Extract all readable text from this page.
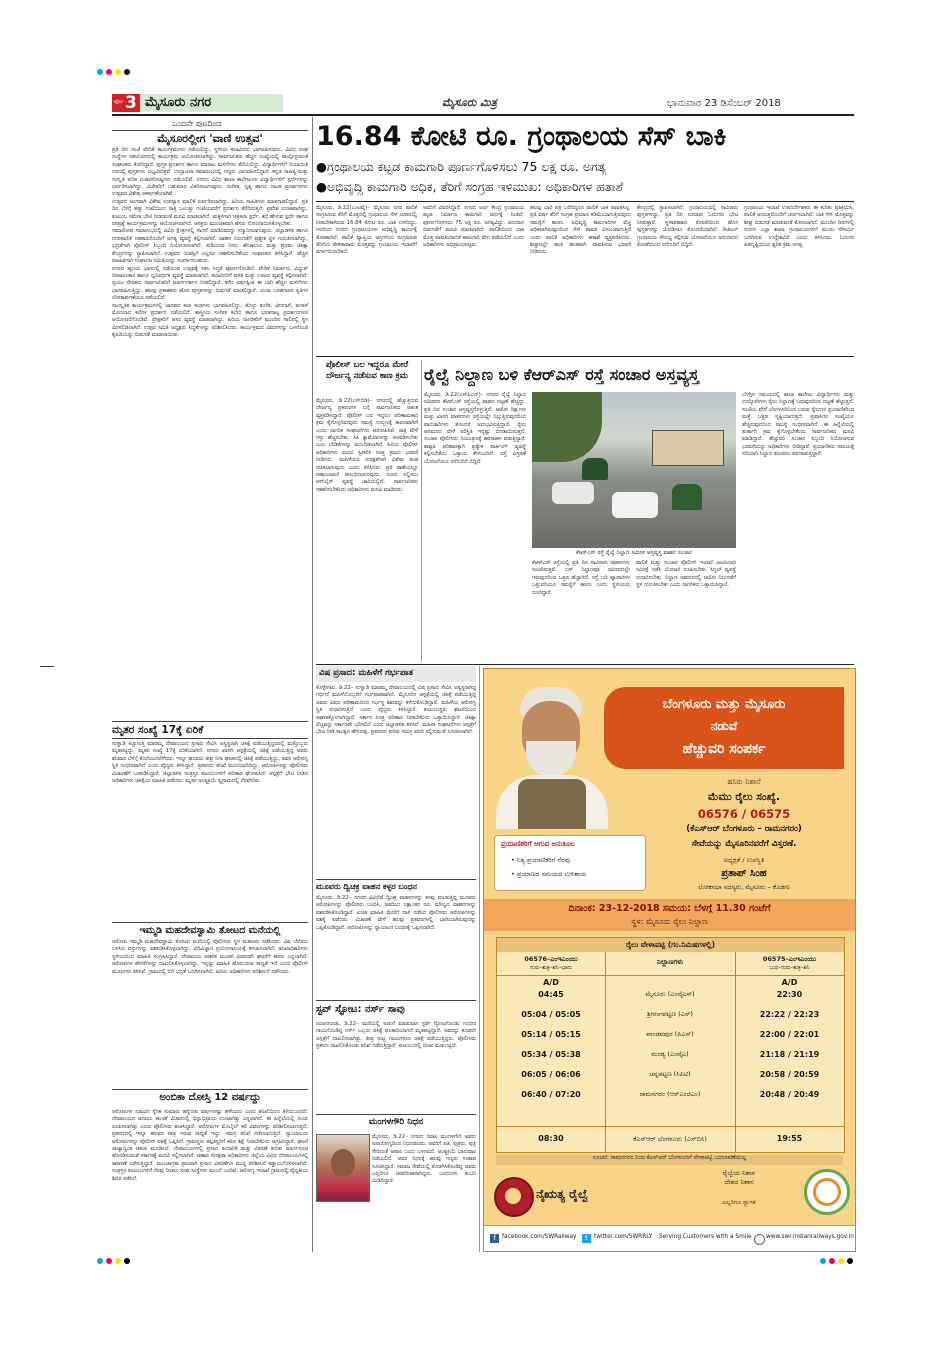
ಪುಟ 3 ಮೈಸೂರು ನಗರ	ಮೈಸೂರು ಮಿತ್ರ	ಭಾನುವಾರ 23 ಡಿಸೆಂಬರ್ 2018
ಒಂದನೇ ಪುಟದಿಂದ
ಮೈಸೂರಲ್ಲೀಗ 'ವಾಣಿ ಉತ್ಸವ'
ಪ್ರತಿ ದಿನ ಸಂಜೆ ವೇದಿಕೆ ಕಾರ್ಯಕ್ರಮಗಳು ನಡೆಯಲಿದ್ದು, ಸ್ಥಳೀಯ ಕಲಾವಿದರು ಭಾಗವಹಿಸುವರು. ವಿವಿಧ ಸಂಘ ಸಂಸ್ಥೆಗಳ ಸಹಯೋಗದಲ್ಲಿ ಕಾರ್ಯಕ್ರಮ ಆಯೋಜಿಸಲಾಗಿದ್ದು, ಸಾರ್ವಜನಿಕರು ಹೆಚ್ಚಿನ ಸಂಖ್ಯೆಯಲ್ಲಿ ಪಾಲ್ಗೊಳ್ಳುವಂತೆ ಸಂಘಟಕರು ಕೋರಿದ್ದಾರೆ. ಪುಸ್ತಕ ಪ್ರದರ್ಶನ ಹಾಗೂ ಮಾರಾಟ ಮಳಿಗೆಗಳು ತೆರೆಯಲಿದ್ದು, ವಿದ್ಯಾರ್ಥಿಗಳಿಗೆ ರಿಯಾಯಿತಿ ದರದಲ್ಲಿ ಪುಸ್ತಕಗಳು ಲಭ್ಯವಿರುತ್ತವೆ. ಉದ್ಘಾಟನಾ ಸಮಾರಂಭದಲ್ಲಿ ಗಣ್ಯರು ಭಾಗವಹಿಸಲಿದ್ದಾರೆ. ಕನ್ನಡ ಸಾಹಿತ್ಯ ಮತ್ತು ಸಂಸ್ಕೃತಿ ಕುರಿತ ವಿಚಾರಗೋಷ್ಠಿಗಳು ನಡೆಯಲಿವೆ. ನಗರದ ವಿವಿಧ ಶಾಲಾ ಕಾಲೇಜುಗಳ ವಿದ್ಯಾರ್ಥಿಗಳಿಗೆ ಸ್ಪರ್ಧೆಗಳನ್ನು ಏರ್ಪಡಿಸಲಾಗಿದ್ದು, ವಿಜೇತರಿಗೆ ಬಹುಮಾನ ವಿತರಿಸಲಾಗುವುದು. ಸಂಗೀತ, ನೃತ್ಯ ಹಾಗೂ ನಾಟಕ ಪ್ರದರ್ಶನಗಳು ಉತ್ಸವದ ವಿಶೇಷ ಆಕರ್ಷಣೆಯಾಗಿವೆ.
ಉತ್ಸವದ ಅಂಗವಾಗಿ ವಿಶೇಷ ಉಪನ್ಯಾಸ ಮಾಲಿಕೆ ಏರ್ಪಡಿಸಲಾಗಿದ್ದು, ಹಿರಿಯ ಸಾಹಿತಿಗಳು ಮಾತನಾಡಲಿದ್ದಾರೆ. ಪ್ರತಿ ದಿನ ಬೆಳಿಗ್ಗೆ ಹತ್ತು ಗಂಟೆಯಿಂದ ರಾತ್ರಿ ಒಂಬತ್ತು ಗಂಟೆಯವರೆಗೆ ಪ್ರದರ್ಶನ ತೆರೆದಿರುತ್ತದೆ. ಪ್ರವೇಶ ಉಚಿತವಾಗಿದ್ದು, ಕುಟುಂಬ ಸಮೇತ ಭೇಟಿ ನೀಡುವಂತೆ ಮನವಿ ಮಾಡಲಾಗಿದೆ. ಮಕ್ಕಳಿಗಾಗಿ ಚಿತ್ರಕಲಾ ಸ್ಪರ್ಧೆ, ಕಥೆ ಹೇಳುವ ಸ್ಪರ್ಧೆ ಹಾಗೂ ರಸಪ್ರಶ್ನೆ ಕಾರ್ಯಕ್ರಮಗಳನ್ನು ಆಯೋಜಿಸಲಾಗಿದೆ. ಆಸಕ್ತರು ಮುಂಚಿತವಾಗಿ ಹೆಸರು ನೋಂದಾಯಿಸಿಕೊಳ್ಳಬೇಕು.
ಸಮಾರೋಪ ಸಮಾರಂಭದಲ್ಲಿ ವಿವಿಧ ಕ್ಷೇತ್ರಗಳಲ್ಲಿ ಸಾಧನೆ ಮಾಡಿದವರನ್ನು ಸನ್ಮಾನಿಸಲಾಗುವುದು. ಜಿಲ್ಲಾಡಳಿತ ಹಾಗೂ ನಗರಪಾಲಿಕೆ ಸಹಕಾರದೊಂದಿಗೆ ಅಗತ್ಯ ವ್ಯವಸ್ಥೆ ಕಲ್ಪಿಸಲಾಗಿದೆ. ವಾಹನ ನಿಲುಗಡೆಗೆ ಪ್ರತ್ಯೇಕ ಸ್ಥಳ ಗುರುತಿಸಲಾಗಿದ್ದು, ಭದ್ರತೆಗಾಗಿ ಪೊಲೀಸ್ ಸಿಬ್ಬಂದಿ ನಿಯೋಜಿಸಲಾಗಿದೆ. ಕುಡಿಯುವ ನೀರು, ಶೌಚಾಲಯ ಮತ್ತು ಪ್ರಥಮ ಚಿಕಿತ್ಸಾ ಕೇಂದ್ರಗಳನ್ನು ಸ್ಥಾಪಿಸಲಾಗಿದೆ. ಉತ್ಸವದ ಯಶಸ್ಸಿಗೆ ಎಲ್ಲರೂ ಸಹಕರಿಸಬೇಕೆಂದು ಸಂಘಟಕರು ತಿಳಿಸಿದ್ದಾರೆ. ಹೆಚ್ಚಿನ ಮಾಹಿತಿಗಾಗಿ ಸಂಘಟನಾ ಸಮಿತಿಯನ್ನು ಸಂಪರ್ಕಿಸಬಹುದು.
ನಗರದ ಹೃದಯ ಭಾಗದಲ್ಲಿ ನಡೆಯುವ ಉತ್ಸವಕ್ಕೆ ಸಕಲ ಸಿದ್ಧತೆ ಪೂರ್ಣಗೊಂಡಿದೆ. ವೇದಿಕೆ ನಿರ್ಮಾಣ, ವಿದ್ಯುತ್ ದೀಪಾಲಂಕಾರ ಹಾಗೂ ಧ್ವನಿವರ್ಧಕ ವ್ಯವಸ್ಥೆ ಮಾಡಲಾಗಿದೆ. ಕಲಾವಿದರಿಗೆ ವಸತಿ ಮತ್ತು ಊಟದ ವ್ಯವಸ್ಥೆ ಕಲ್ಪಿಸಲಾಗಿದೆ. ಸ್ವಯಂ ಸೇವಕರು ಸಾರ್ವಜನಿಕರಿಗೆ ಮಾರ್ಗದರ್ಶನ ನೀಡಲಿದ್ದಾರೆ. ಕಳೆದ ವರ್ಷಕ್ಕಿಂತ ಈ ಬಾರಿ ಹೆಚ್ಚಿನ ಮಳಿಗೆಗಳು ಭಾಗವಹಿಸುತ್ತಿದ್ದು, ಹಲವು ಪ್ರಕಾಶಕರು ಹೊಸ ಪುಸ್ತಕಗಳನ್ನು ಬಿಡುಗಡೆ ಮಾಡಲಿದ್ದಾರೆ. ಯುವ ಬರಹಗಾರರ ಕೃತಿಗಳ ಲೋಕಾರ್ಪಣೆಯೂ ನಡೆಯಲಿದೆ.
ಸಾಂಸ್ಕೃತಿಕ ಕಾರ್ಯಕ್ರಮಗಳಲ್ಲಿ ಜಾನಪದ ಕಲಾ ತಂಡಗಳು ಭಾಗವಹಿಸಲಿದ್ದು, ಡೊಳ್ಳು ಕುಣಿತ, ವೀರಗಾಸೆ, ಕಂಸಾಳೆ ಮೊದಲಾದ ಕಲೆಗಳ ಪ್ರದರ್ಶನ ನಡೆಯಲಿದೆ. ಶಾಸ್ತ್ರೀಯ ಸಂಗೀತ ಕಛೇರಿ ಹಾಗೂ ಭರತನಾಟ್ಯ ಪ್ರದರ್ಶನಗಳೂ ಆಯೋಜನೆಗೊಂಡಿವೆ. ಪ್ರೇಕ್ಷಕರಿಗೆ ಆಸನ ವ್ಯವಸ್ಥೆ ಮಾಡಲಾಗಿದ್ದು, ಹಿರಿಯ ನಾಗರಿಕರಿಗೆ ಮುಂದಿನ ಸಾಲಿನಲ್ಲಿ ಸ್ಥಳ ಮೀಸಲಿಡಲಾಗಿದೆ. ಉತ್ಸವ ಸಮಿತಿ ಅಧ್ಯಕ್ಷರು ಸಿದ್ಧತೆಗಳನ್ನು ಪರಿಶೀಲಿಸಿದರು. ಕಾರ್ಯಕ್ರಮದ ವಿವರಗಳನ್ನು ಒಳಗೊಂಡ ಕೈಪಿಡಿಯನ್ನು ಬಿಡುಗಡೆ ಮಾಡಲಾಯಿತು.
ಮೃತರ ಸಂಖ್ಯೆ 17ಕ್ಕೆ ಏರಿಕೆ
ಸುಳ್ವಾಡಿ ಕಿಚ್ಚುಗುತ್ತಿ ಮಾರಮ್ಮ ದೇವಾಲಯದ ಪ್ರಸಾದ ಸೇವಿಸಿ ಅಸ್ವಸ್ಥರಾಗಿ ಚಿಕಿತ್ಸೆ ಪಡೆಯುತ್ತಿದ್ದವರಲ್ಲಿ ಮತ್ತೊಬ್ಬರು ಮೃತಪಟ್ಟಿದ್ದು, ಮೃತರ ಸಂಖ್ಯೆ 17ಕ್ಕೆ ಏರಿಕೆಯಾಗಿದೆ. ನಗರದ ಖಾಸಗಿ ಆಸ್ಪತ್ರೆಯಲ್ಲಿ ಚಿಕಿತ್ಸೆ ಪಡೆಯುತ್ತಿದ್ದ ಅವರು ಶನಿವಾರ ಬೆಳಿಗ್ಗೆ ಕೊನೆಯುಸಿರೆಳೆದರು. ಇನ್ನೂ ಹಲವರು ತೀವ್ರ ನಿಗಾ ಘಟಕದಲ್ಲಿ ಚಿಕಿತ್ಸೆ ಪಡೆಯುತ್ತಿದ್ದು, ಅವರ ಆರೋಗ್ಯ ಸ್ಥಿತಿ ಗಂಭೀರವಾಗಿದೆ ಎಂದು ವೈದ್ಯರು ತಿಳಿಸಿದ್ದಾರೆ. ಪ್ರಕರಣದ ತನಿಖೆ ಮುಂದುವರಿದಿದ್ದು, ಆರೋಪಿಗಳನ್ನು ಪೊಲೀಸರು ವಿಚಾರಣೆಗೆ ಒಳಪಡಿಸಿದ್ದಾರೆ. ಜಿಲ್ಲಾಡಳಿತ ಸಂತ್ರಸ್ತರ ಕುಟುಂಬಗಳಿಗೆ ಪರಿಹಾರ ಘೋಷಿಸಿದೆ. ಆಸ್ಪತ್ರೆಗೆ ಭೇಟಿ ನೀಡಿದ ಅಧಿಕಾರಿಗಳು ಚಿಕಿತ್ಸೆಯ ಮಾಹಿತಿ ಪಡೆದರು. ಮೃತರ ಅಂತ್ಯಕ್ರಿಯೆ ಸ್ವಗ್ರಾಮದಲ್ಲಿ ನೆರವೇರಿತು.
ಇಮ್ಮಡಿ ಮಹದೇವಸ್ವಾಮಿ ತೋಟದ ಮನೆಯಲ್ಲಿ
ಆರೋಪಿ ಇಮ್ಮಡಿ ಮಹದೇವಸ್ವಾಮಿ ತೋಟದ ಮನೆಯಲ್ಲಿ ಪೊಲೀಸರು ಸ್ಥಳ ಮಹಜರು ನಡೆಸಿದರು. ವಿಷ ಬೆರೆಸಲು ಬಳಸಿದ ವಸ್ತುಗಳನ್ನು ವಶಪಡಿಸಿಕೊಳ್ಳಲಾಗಿದ್ದು, ವಿಧಿವಿಜ್ಞಾನ ಪ್ರಯೋಗಾಲಯಕ್ಕೆ ಕಳುಹಿಸಲಾಗಿದೆ. ತನಿಖಾಧಿಕಾರಿಗಳು ಸ್ಥಳೀಯರಿಂದ ಮಾಹಿತಿ ಸಂಗ್ರಹಿಸಿದ್ದಾರೆ. ದೇವಾಲಯ ಆಡಳಿತ ಮಂಡಳಿ ವಿವಾದವೇ ಘಟನೆಗೆ ಕಾರಣ ಎನ್ನಲಾಗಿದೆ. ಆರೋಪಿಗಳ ಹೇಳಿಕೆಗಳನ್ನು ದಾಖಲಿಸಿಕೊಳ್ಳಲಾಗಿದ್ದು, ಇನ್ನಷ್ಟು ಮಾಹಿತಿ ಹೊರಬರುವ ಸಾಧ್ಯತೆ ಇದೆ ಎಂದು ಪೊಲೀಸ್ ಮೂಲಗಳು ತಿಳಿಸಿವೆ. ಗ್ರಾಮದಲ್ಲಿ ಬಿಗಿ ಭದ್ರತೆ ಒದಗಿಸಲಾಗಿದೆ. ಹಿರಿಯ ಅಧಿಕಾರಿಗಳು ಪರಿಶೀಲನೆ ನಡೆಸಿದರು.
ಅಂಬಿಕಾ ದೋಸ್ತಿ 12 ವರ್ಷದ್ದು
ಆರೋಪಿಗಳ ನಡುವಿನ ಸ್ನೇಹ ಸುಮಾರು ಹನ್ನೆರಡು ವರ್ಷಗಳಷ್ಟು ಹಳೆಯದು ಎಂದು ತನಿಖೆಯಿಂದ ತಿಳಿದುಬಂದಿದೆ. ದೇವಾಲಯದ ಆದಾಯ ಹಂಚಿಕೆ ವಿಚಾರದಲ್ಲಿ ಭಿನ್ನಾಭಿಪ್ರಾಯ ಉಂಟಾಗಿತ್ತು ಎನ್ನಲಾಗಿದೆ. ಈ ಹಿನ್ನೆಲೆಯಲ್ಲಿ ಸಂಚು ರೂಪಿಸಲಾಗಿತ್ತು ಎಂದು ಪೊಲೀಸರು ಶಂಕಿಸಿದ್ದಾರೆ. ಆರೋಪಿಗಳ ಮೊಬೈಲ್ ಕರೆ ವಿವರಗಳನ್ನು ಪರಿಶೀಲಿಸಲಾಗುತ್ತಿದೆ. ಪ್ರಕರಣದಲ್ಲಿ ಇನ್ನೂ ಹಲವರ ಪಾತ್ರ ಇರುವ ಸಾಧ್ಯತೆ ಇದ್ದು, ಸಮಗ್ರ ತನಿಖೆ ನಡೆಸಲಾಗುತ್ತಿದೆ. ನ್ಯಾಯಾಲಯ ಆರೋಪಿಗಳನ್ನು ಪೊಲೀಸ್ ವಶಕ್ಕೆ ಒಪ್ಪಿಸಿದೆ. ಗ್ರಾಮಸ್ಥರು ತಪ್ಪಿತಸ್ಥರಿಗೆ ಕಠಿಣ ಶಿಕ್ಷೆ ನೀಡಬೇಕೆಂದು ಆಗ್ರಹಿಸಿದ್ದಾರೆ. ಘಟನೆ ರಾಜ್ಯಾದ್ಯಂತ ಆತಂಕ ಮೂಡಿಸಿದೆ. ದೇವಾಲಯಗಳಲ್ಲಿ ಪ್ರಸಾದ ತಯಾರಿಕೆ ಮತ್ತು ವಿತರಣೆ ಕುರಿತು ಮಾರ್ಗಸೂಚಿ ಹೊರಡಿಸುವಂತೆ ಸರ್ಕಾರಕ್ಕೆ ಮನವಿ ಸಲ್ಲಿಸಲಾಗಿದೆ. ಆಹಾರ ಸುರಕ್ಷತಾ ಅಧಿಕಾರಿಗಳು ಜಿಲ್ಲೆಯ ವಿವಿಧ ದೇವಾಲಯಗಳಲ್ಲಿ ತಪಾಸಣೆ ನಡೆಸುತ್ತಿದ್ದಾರೆ. ಮುಂಜಾಗ್ರತಾ ಕ್ರಮವಾಗಿ ಪ್ರಸಾದ ವಿತರಣೆಗೂ ಮುನ್ನ ಪರಿಶೀಲನೆ ಕಡ್ಡಾಯಗೊಳಿಸಲಾಗಿದೆ. ಸಂತ್ರಸ್ತರ ಕುಟುಂಬಗಳಿಗೆ ನೆರವು ನೀಡಲು ಸಂಘ ಸಂಸ್ಥೆಗಳು ಮುಂದೆ ಬಂದಿವೆ. ಆರೋಗ್ಯ ಇಲಾಖೆ ಗ್ರಾಮದಲ್ಲಿ ವೈದ್ಯಕೀಯ ಶಿಬಿರ ನಡೆಸಿದೆ.
16.84 ಕೋಟಿ ರೂ. ಗ್ರಂಥಾಲಯ ಸೆಸ್ ಬಾಕಿ
●ಗ್ರಂಥಾಲಯ ಕಟ್ಟಡ ಕಾಮಗಾರಿ ಪೂರ್ಣಗೊಳಿಸಲು 75 ಲಕ್ಷ ರೂ. ಅಗತ್ಯ
●ಅಭಿವೃದ್ಧಿ ಕಾಮಗಾರಿ ಅಧಿಕ, ತೆರಿಗೆ ಸಂಗ್ರಹ ಇಳಿಮುಖ: ಅಧಿಕಾರಿಗಳ ಹತಾಶೆ
ಮೈಸೂರು, ಡಿ.22(ಎಂಟಿವೈ)– ಮೈಸೂರು ನಗರ ಪಾಲಿಕೆ ಸಂಗ್ರಹಿಸುವ ತೆರಿಗೆ ಮೊತ್ತದಲ್ಲಿ ಗ್ರಂಥಾಲಯ ಸೆಸ್ ರೂಪದಲ್ಲಿ ನೀಡಬೇಕಾಗಿರುವ 16.84 ಕೋಟಿ ರೂ. ಬಾಕಿ ಉಳಿದಿದ್ದು, ಇದರಿಂದ ನಗರದ ಗ್ರಂಥಾಲಯಗಳ ಅಭಿವೃದ್ಧಿ ಕಾರ್ಯಕ್ಕೆ ತೊಡಕಾಗಿದೆ. ಪಾಲಿಕೆ ವ್ಯಾಪ್ತಿಯ ಆಸ್ತಿಗಳಿಂದ ಸಂಗ್ರಹಿಸುವ ತೆರಿಗೆಯ ಶೇಕಡಾವಾರು ಮೊತ್ತವನ್ನು ಗ್ರಂಥಾಲಯ ಇಲಾಖೆಗೆ ವರ್ಗಾಯಿಸಬೇಕಿದೆ.
ಅವರಿಗೆ ವಿವರಿಸಿದ್ದಾರೆ. ನಗರದ ಅರ್ಥ ಕೇಂದ್ರ ಗ್ರಂಥಾಲಯ ಕಟ್ಟಡ ನಿರ್ಮಾಣ ಕಾಮಗಾರಿ ಅರ್ಧಕ್ಕೆ ನಿಂತಿದೆ. ಪೂರ್ಣಗೊಳಿಸಲು 75 ಲಕ್ಷ ರೂ. ಅಗತ್ಯವಿದ್ದು, ಅನುದಾನ ಬಿಡುಗಡೆಗೆ ಮನವಿ ಮಾಡಲಾಗಿದೆ. ಪಾಲಿಕೆಯಿಂದ ಬಾಕಿ ಮೊತ್ತ ಪಾವತಿಯಾದರೆ ಕಾಮಗಾರಿ ವೇಗ ಪಡೆಯಲಿದೆ ಎಂದು ಅಧಿಕಾರಿಗಳು ಅಭಿಪ್ರಾಯಪಟ್ಟರು.
ಹಲವು ಬಾರಿ ಪತ್ರ ಬರೆದಿದ್ದರೂ ಪಾಲಿಕೆ ಬಾಕಿ ಪಾವತಿಸಿಲ್ಲ. ಪ್ರತಿ ವರ್ಷ ತೆರಿಗೆ ಸಂಗ್ರಹ ಪ್ರಮಾಣ ಕಡಿಮೆಯಾಗುತ್ತಿರುವುದು ಸಮಸ್ಯೆಗೆ ಕಾರಣ. ಅಭಿವೃದ್ಧಿ ಕಾಮಗಾರಿಗಳ ವೆಚ್ಚ ಅಧಿಕವಾಗಿರುವುದರಿಂದ ಸೆಸ್ ಪಾವತಿ ವಿಳಂಬವಾಗುತ್ತಿದೆ ಎಂದು ಪಾಲಿಕೆ ಅಧಿಕಾರಿಗಳು ಹತಾಶೆ ವ್ಯಕ್ತಪಡಿಸಿದರು. ಶೀಘ್ರದಲ್ಲೇ ಹಂತ ಹಂತವಾಗಿ ಪಾವತಿಸುವ ಭರವಸೆ ನೀಡಿದರು.
ಕೇಂದ್ರದಲ್ಲಿ ಸ್ಥಾಪಿಸಲಾಗಿದೆ. ಗ್ರಂಥಾಲಯದಲ್ಲಿ ಸಾವಿರಾರು ಪುಸ್ತಕಗಳಿದ್ದು, ಪ್ರತಿ ದಿನ ನೂರಾರು ಓದುಗರು ಭೇಟಿ ನೀಡುತ್ತಾರೆ. ಸ್ಥಳಾವಕಾಶದ ಕೊರತೆಯಿಂದ ಹೊಸ ಪುಸ್ತಕಗಳನ್ನು ಜೋಡಿಸಲು ತೊಂದರೆಯಾಗಿದೆ. ಡಿಜಿಟಲ್ ಗ್ರಂಥಾಲಯ ಸೌಲಭ್ಯ ಕಲ್ಪಿಸುವ ಯೋಜನೆಯೂ ಅನುದಾನದ ಕೊರತೆಯಿಂದ ನನೆಗುದಿಗೆ ಬಿದ್ದಿದೆ.
ಗ್ರಂಥಾಲಯ ಇಲಾಖೆ ಉಪನಿರ್ದೇಶಕರು ಈ ಕುರಿತು ಪ್ರತಿಕ್ರಿಯಿಸಿ, ಪಾಲಿಕೆ ಆಯುಕ್ತರೊಂದಿಗೆ ಚರ್ಚಿಸಲಾಗಿದೆ. ಬಾಕಿ ಸೆಸ್ ಮೊತ್ತವನ್ನು ಶೀಘ್ರ ಬಿಡುಗಡೆ ಮಾಡುವಂತೆ ಕೋರಲಾಗಿದೆ. ಮುಂದಿನ ದಿನಗಳಲ್ಲಿ ನಗರದ ಎಲ್ಲಾ ಶಾಖಾ ಗ್ರಂಥಾಲಯಗಳಿಗೆ ಮೂಲ ಸೌಕರ್ಯ ಒದಗಿಸುವ ಉದ್ದೇಶವಿದೆ ಎಂದು ತಿಳಿಸಿದರು. ಓದುಗರ ಹಿತದೃಷ್ಟಿಯಿಂದ ತ್ವರಿತ ಕ್ರಮ ಅಗತ್ಯ.
ಪೊಲೀಸ್ ಬಲ ಇದ್ದರೂ ಮೇರೆ ದೌರ್ಜನ್ಯ ನಡೆಸುವ ಕಾಣ ಕ್ರಮ
ಮೈಸೂರು, ಡಿ.22(ಎಸ್‌ಬಿಡಿ)– ನಗರದಲ್ಲಿ ಹೆಚ್ಚುತ್ತಿರುವ ದೌರ್ಜನ್ಯ ಪ್ರಕರಣಗಳ ಬಗ್ಗೆ ಸಾರ್ವಜನಿಕರು ಆತಂಕ ವ್ಯಕ್ತಪಡಿಸಿದ್ದಾರೆ. ಪೊಲೀಸ್ ಬಲ ಇದ್ದರೂ ಪರಿಣಾಮಕಾರಿ ಕ್ರಮ ಕೈಗೊಳ್ಳದಿರುವುದು ಸಮಸ್ಯೆ ಉಲ್ಬಣಕ್ಕೆ ಕಾರಣವಾಗಿದೆ ಎಂದು ನಾಗರಿಕ ಸಂಘಟನೆಗಳು ಆರೋಪಿಸಿವೆ. ರಾತ್ರಿ ವೇಳೆ ಗಸ್ತು ಹೆಚ್ಚಿಸಬೇಕು, ಸಿಸಿ ಕ್ಯಾಮೆರಾಗಳನ್ನು ಅಳವಡಿಸಬೇಕು ಎಂಬ ಬೇಡಿಕೆಗಳನ್ನು ಮುಂದಿಡಲಾಗಿದೆ. ಹಿರಿಯ ಪೊಲೀಸ್ ಅಧಿಕಾರಿಗಳು ಮನವಿ ಸ್ವೀಕರಿಸಿ ಸೂಕ್ತ ಕ್ರಮದ ಭರವಸೆ ನೀಡಿದರು. ಮಹಿಳೆಯರ ಸುರಕ್ಷತೆಗಾಗಿ ವಿಶೇಷ ತಂಡ ರಚಿಸಲಾಗುವುದು ಎಂದು ತಿಳಿಸಿದರು. ಪ್ರತಿ ಠಾಣೆಯಲ್ಲೂ ಸಹಾಯವಾಣಿ ಆರಂಭಿಸಲಾಗುವುದು. ದೂರು ಸಲ್ಲಿಸಲು ಆನ್‌ಲೈನ್ ವ್ಯವಸ್ಥೆ ಜಾರಿಯಲ್ಲಿದೆ. ಸಾರ್ವಜನಿಕರು ಸಹಕರಿಸಬೇಕೆಂದು ಅಧಿಕಾರಿಗಳು ಮನವಿ ಮಾಡಿದರು.
ರೈಲ್ವೆ ನಿಲ್ದಾಣ ಬಳಿ ಕೆಆರ್‌ಎಸ್ ರಸ್ತೆ ಸಂಚಾರ ಅಸ್ತವ್ಯಸ್ತ
ಮೈಸೂರು, ಡಿ.22(ಎಸ್‌ಪಿಎನ್)– ನಗರದ ರೈಲ್ವೆ ನಿಲ್ದಾಣ ಸಮೀಪದ ಕೆಆರ್‌ಎಸ್ ರಸ್ತೆಯಲ್ಲಿ ವಾಹನ ದಟ್ಟಣೆ ಹೆಚ್ಚಿದ್ದು, ಪ್ರತಿ ದಿನ ಸಂಚಾರ ಅಸ್ತವ್ಯಸ್ತಗೊಳ್ಳುತ್ತಿದೆ. ಆಟೋ ರಿಕ್ಷಾಗಳು ಮತ್ತು ಖಾಸಗಿ ವಾಹನಗಳು ರಸ್ತೆಯಲ್ಲೇ ನಿಲ್ಲುತ್ತಿರುವುದರಿಂದ ಪಾದಚಾರಿಗಳು ತೊಂದರೆ ಅನುಭವಿಸುತ್ತಿದ್ದಾರೆ. ರೈಲು ಆಗಮನದ ವೇಳೆ ಪರಿಸ್ಥಿತಿ ಇನ್ನಷ್ಟು ಬಿಗಡಾಯಿಸುತ್ತದೆ. ಸಂಚಾರ ಪೊಲೀಸರು ನಿಯಂತ್ರಣಕ್ಕೆ ಹರಸಾಹಸ ಪಡುತ್ತಿದ್ದಾರೆ. ಶಾಶ್ವತ ಪರಿಹಾರಕ್ಕಾಗಿ ಪ್ರತ್ಯೇಕ ಪಾರ್ಕಿಂಗ್ ವ್ಯವಸ್ಥೆ ಕಲ್ಪಿಸಬೇಕೆಂಬ ಒತ್ತಾಯ ಕೇಳಿಬಂದಿದೆ. ರಸ್ತೆ ವಿಸ್ತರಣೆ ಯೋಜನೆಯೂ ನನೆಗುದಿಗೆ ಬಿದ್ದಿದೆ.
ಕೆಆರ್‌ಎಸ್ ರಸ್ತೆ ರೈಲ್ವೆ ನಿಲ್ದಾಣ ಸಮೀಪ ಅಸ್ತವ್ಯಸ್ತ ವಾಹನ ಸಂಚಾರ
ಕೆಆರ್‌ಎಸ್ ರಸ್ತೆಯಲ್ಲಿ ಪ್ರತಿ ದಿನ ಸಾವಿರಾರು ವಾಹನಗಳು ಸಂಚರಿಸುತ್ತವೆ. ಬಸ್ ನಿಲ್ದಾಣವೂ ಸಮೀಪದಲ್ಲೇ ಇರುವುದರಿಂದ ಒತ್ತಡ ಹೆಚ್ಚಾಗಿದೆ. ರಸ್ತೆ ಬದಿ ವ್ಯಾಪಾರಿಗಳ ಒತ್ತುವರಿಯೂ ಸಮಸ್ಯೆಗೆ ಕಾರಣ ಎಂದು ಸ್ಥಳೀಯರು ದೂರಿದ್ದಾರೆ.
ಪಾಲಿಕೆ ಮತ್ತು ಸಂಚಾರ ಪೊಲೀಸ್ ಇಲಾಖೆ ಜಂಟಿಯಾಗಿ ಸಮೀಕ್ಷೆ ನಡೆಸಿ ಯೋಜನೆ ರೂಪಿಸಬೇಕು. ಸಿಗ್ನಲ್ ವ್ಯವಸ್ಥೆ ಸುಧಾರಿಸಬೇಕು. ನಿಲ್ದಾಣ ಆವರಣದಲ್ಲಿ ಆಟೋ ನಿಲುಗಡೆಗೆ ಸ್ಥಳ ಗುರುತಿಸಬೇಕು ಎಂದು ನಾಗರಿಕರು ಒತ್ತಾಯಿಸಿದ್ದಾರೆ.
ಬೆಳಗ್ಗಿನ ಸಮಯದಲ್ಲಿ ಶಾಲಾ ಕಾಲೇಜು ವಿದ್ಯಾರ್ಥಿಗಳು ಮತ್ತು ಉದ್ಯೋಗಿಗಳು ರೈಲು ನಿಲ್ದಾಣಕ್ಕೆ ಬರುವುದರಿಂದ ದಟ್ಟಣೆ ಹೆಚ್ಚುತ್ತದೆ. ಸಂಜೆಯ ವೇಳೆ ಬೆಂಗಳೂರಿನಿಂದ ಬರುವ ರೈಲುಗಳ ಪ್ರಯಾಣಿಕರಿಂದ ಮತ್ತೆ ಒತ್ತಡ ಸೃಷ್ಟಿಯಾಗುತ್ತದೆ. ಪ್ರವಾಸಿಗರ ಸಂಖ್ಯೆಯೂ ಹೆಚ್ಚಿರುವುದರಿಂದ ಸಮಸ್ಯೆ ಗಂಭೀರವಾಗಿದೆ. ಈ ಹಿನ್ನೆಲೆಯಲ್ಲಿ ತುರ್ತಾಗಿ ಕ್ರಮ ಕೈಗೊಳ್ಳಬೇಕೆಂದು ಸಾರ್ವಜನಿಕರು ಮನವಿ ಮಾಡಿದ್ದಾರೆ. ಹೆಚ್ಚುವರಿ ಸಂಚಾರ ಸಿಬ್ಬಂದಿ ನಿಯೋಜಿಸುವ ಭರವಸೆಯನ್ನು ಅಧಿಕಾರಿಗಳು ನೀಡಿದ್ದಾರೆ. ಪ್ರಯಾಣಿಕರು ಸಮಯಕ್ಕೆ ಸರಿಯಾಗಿ ನಿಲ್ದಾಣ ತಲುಪಲು ಪರದಾಡುತ್ತಿದ್ದಾರೆ.
ವಿಷ ಪ್ರಸಾದ: ಮಹಿಳೆಗೆ ಗರ್ಭಪಾತ
ಕೊಳ್ಳೇಗಾಲ, ಡಿ.22– ಸುಳ್ವಾಡಿ ಮಾರಮ್ಮ ದೇವಾಲಯದಲ್ಲಿ ವಿಷ ಪ್ರಸಾದ ಸೇವಿಸಿ ಅಸ್ವಸ್ಥರಾಗಿದ್ದ ಗರ್ಭಿಣಿ ಮಹಿಳೆಯೊಬ್ಬರಿಗೆ ಗರ್ಭಪಾತವಾಗಿದೆ. ಮೈಸೂರಿನ ಆಸ್ಪತ್ರೆಯಲ್ಲಿ ಚಿಕಿತ್ಸೆ ಪಡೆಯುತ್ತಿದ್ದ ಅವರು ವಿಷದ ಪರಿಣಾಮದಿಂದ ಗರ್ಭಸ್ಥ ಶಿಶುವನ್ನು ಕಳೆದುಕೊಂಡಿದ್ದಾರೆ. ಮಹಿಳೆಯ ಆರೋಗ್ಯ ಸ್ಥಿತಿ ಸುಧಾರಿಸುತ್ತಿದೆ ಎಂದು ವೈದ್ಯರು ತಿಳಿಸಿದ್ದಾರೆ. ಕುಟುಂಬಸ್ಥರು ಘಟನೆಯಿಂದ ಆಘಾತಕ್ಕೊಳಗಾಗಿದ್ದಾರೆ. ಸರ್ಕಾರ ಸೂಕ್ತ ಪರಿಹಾರ ನೀಡಬೇಕೆಂದು ಒತ್ತಾಯಿಸಿದ್ದಾರೆ. ಚಿಕಿತ್ಸಾ ವೆಚ್ಚವನ್ನು ಸರ್ಕಾರವೇ ಭರಿಸಲಿದೆ ಎಂದು ಜಿಲ್ಲಾಡಳಿತ ತಿಳಿಸಿದೆ. ಮಹಿಳಾ ಸಂಘಟನೆಗಳು ಆಸ್ಪತ್ರೆಗೆ ಭೇಟಿ ನೀಡಿ ಸಾಂತ್ವನ ಹೇಳಿದವು. ಪ್ರಕರಣದ ಕುರಿತು ಸಮಗ್ರ ವರದಿ ಸಲ್ಲಿಸುವಂತೆ ಸೂಚಿಸಲಾಗಿದೆ.
ಮೂವರು ದ್ವಿಚಕ್ರ ವಾಹನ ಕಳ್ಳರ ಬಂಧನ
ಮೈಸೂರು, ಡಿ.22– ನಗರದ ವಿವಿಧೆಡೆ ದ್ವಿಚಕ್ರ ವಾಹನಗಳನ್ನು ಕಳವು ಮಾಡುತ್ತಿದ್ದ ಮೂವರು ಆರೋಪಿಗಳನ್ನು ಪೊಲೀಸರು ಬಂಧಿಸಿ, ಅವರಿಂದ ಲಕ್ಷಾಂತರ ರೂ. ಮೌಲ್ಯದ ವಾಹನಗಳನ್ನು ವಶಪಡಿಸಿಕೊಂಡಿದ್ದಾರೆ. ಖಚಿತ ಮಾಹಿತಿ ಮೇರೆಗೆ ದಾಳಿ ನಡೆಸಿದ ಪೊಲೀಸರು ಆರೋಪಿಗಳನ್ನು ವಶಕ್ಕೆ ಪಡೆದರು. ವಿಚಾರಣೆ ವೇಳೆ ಹಲವು ಪ್ರಕರಣಗಳಲ್ಲಿ ಭಾಗಿಯಾಗಿರುವುದನ್ನು ಒಪ್ಪಿಕೊಂಡಿದ್ದಾರೆ. ಆರೋಪಿಗಳನ್ನು ನ್ಯಾಯಾಂಗ ಬಂಧನಕ್ಕೆ ಒಪ್ಪಿಸಲಾಗಿದೆ.
ಸ್ಟವ್ ಸ್ಫೋಟ: ನರ್ಸ್ ಸಾವು
ನಂಜನಗೂಡು, ಡಿ.22– ಮನೆಯಲ್ಲಿ ಅಡುಗೆ ಮಾಡುವಾಗ ಸ್ಟವ್ ಸ್ಫೋಟಗೊಂಡು ಗಂಭೀರ ಗಾಯಗೊಂಡಿದ್ದ ನರ್ಸ್ ಒಬ್ಬರು ಚಿಕಿತ್ಸೆ ಫಲಕಾರಿಯಾಗದೆ ಮೃತಪಟ್ಟಿದ್ದಾರೆ. ಅವರನ್ನು ಕೂಡಲೇ ಆಸ್ಪತ್ರೆಗೆ ದಾಖಲಿಸಲಾಗಿತ್ತು. ತೀವ್ರ ಸುಟ್ಟ ಗಾಯಗಳಿಂದ ಚಿಕಿತ್ಸೆ ಪಡೆಯುತ್ತಿದ್ದರು. ಪೊಲೀಸರು ಪ್ರಕರಣ ದಾಖಲಿಸಿಕೊಂಡು ತನಿಖೆ ನಡೆಸುತ್ತಿದ್ದಾರೆ. ಕುಟುಂಬದಲ್ಲಿ ದುಃಖ ಮಡುಗಟ್ಟಿದೆ.
ಮಂಗಳಗೌರಿ ನಿಧನ
ಮೈಸೂರು, ಡಿ.22– ನಗರದ ನಿವಾಸಿ ಮಂಗಳಗೌರಿ ಅವರು ಅನಾರೋಗ್ಯದಿಂದ ನಿಧನರಾದರು. ಅವರಿಗೆ ಪತಿ, ಪುತ್ರರು, ಪುತ್ರಿ ಸೇರಿದಂತೆ ಅಪಾರ ಬಂಧು ಬಳಗವಿದೆ. ಅಂತ್ಯಕ್ರಿಯೆ ಭಾನುವಾರ ನಡೆಯಲಿದೆ. ಅವರ ನಿಧನಕ್ಕೆ ಹಲವು ಗಣ್ಯರು ಸಂತಾಪ ಸೂಚಿಸಿದ್ದಾರೆ. ಸಮಾಜ ಸೇವೆಯಲ್ಲಿ ತೊಡಗಿಸಿಕೊಂಡಿದ್ದ ಅವರು ಎಲ್ಲರಿಗೂ ಚಿರಪರಿಚಿತರಾಗಿದ್ದರು. ಬಂಧುಗಳು ಕಂಬನಿ ಮಿಡಿದಿದ್ದಾರೆ.
ಬೆಂಗಳೂರು ಮತ್ತು ಮೈಸೂರು
ನಡುವೆ
ಹೆಚ್ಚುವರಿ ಸಂಪರ್ಕ
ಹಸಿರು ನಿಶಾನೆ
ಮೆಮು ರೈಲು ಸಂಖ್ಯೆ.
06576 / 06575
(ಕೆಎಸ್‌ಆರ್ ಬೆಂಗಳೂರು – ರಾಮನಗರಂ)
ಸೇವೆಯನ್ನು ಮೈಸೂರಿನವರೆಗೆ ವಿಸ್ತರಣೆ.
ಪ್ರಯಾಣಿಕರಿಗೆ ಆಗುವ ಅನುಕೂಲ
• ನಿತ್ಯ ಪ್ರಯಾಣಿಕರಿಗೆ ನೆರವು
• ಪ್ರಯಾಣದ ಸಮಯದ ಉಳಿತಾಯ
ಅಧ್ಯಕ್ಷತೆ / ಉಪಸ್ಥಿತಿ
ಪ್ರತಾಪ್ ಸಿಂಹ
ಲೋಕಸಭಾ ಸದಸ್ಯರು, ಮೈಸೂರು – ಕೊಡಗು
ದಿನಾಂಕ: 23-12-2018 ಸಮಯ: ಬೆಳಗ್ಗೆ 11.30 ಗಂಟೆಗೆ
ಸ್ಥಳ: ಮೈಸೂರು ರೈಲು ನಿಲ್ದಾಣ
ರೈಲು ವೇಳಾಪಟ್ಟಿ (ಗಂ.ನಿಮಿಷಗಳಲ್ಲಿ)
06576–ಎಂಇಎಂಯು	ನಿಲ್ದಾಣಗಳು	06575–ಎಂಇಎಂಯು
ಗುರು–ಶುಕ್ರ–ಶನಿ–ಭಾನು	ಬುಧ–ಗುರು–ಶುಕ್ರ–ಶನಿ
A/D	A/D
04:45	ಮೈಸೂರು (ಎಂವೈಎಸ್)	22:30
05:04 / 05:05	ಶ್ರೀರಂಗಪಟ್ಟಣ (ಎಸ್)	22:22 / 22:23
05:14 / 05:15	ಪಾಂಡವಪುರ (ಪಿಎಸ್)	22:00 / 22:01
05:34 / 05:38	ಮಂಡ್ಯ (ಎಂವೈಎ)	21:18 / 21:19
06:05 / 06:06	ಚನ್ನಪಟ್ಟಣ (ಸಿಪಿಟಿ)	20:58 / 20:59
06:40 / 07:20	ರಾಮನಗರಂ (ಆರ್‌ಎಂಜಿಎಂ)	20:48 / 20:49
08:30	ಕೆಎಸ್‌ಆರ್ ಬೆಂಗಳೂರು (ಎಸ್‌ಬಿಸಿ)	19:55
ಸೂಚನೆ: ರಾಮನಗರಂ ನಿಂದ ಕೆಎಸ್‌ಆರ್ ಬೆಂಗಳೂರಿಗೆ ವೇಳಾಪಟ್ಟಿ ಬದಲಾವಣೆಯಿಲ್ಲ
ನೈಋತ್ಯ ರೈಲ್ವೆ
ರೈಲ್ವೆಯ ನಿಶಾನ
ದೇಶದ ನಿಶಾನ
ಎಲ್ಲರಿಗೂ ಸ್ವಾಗತ
f	facebook.com/SWRailway	t	twitter.com/SWRRLY Serving Customers with a Smile www.swr.indianrailways.gov.in
